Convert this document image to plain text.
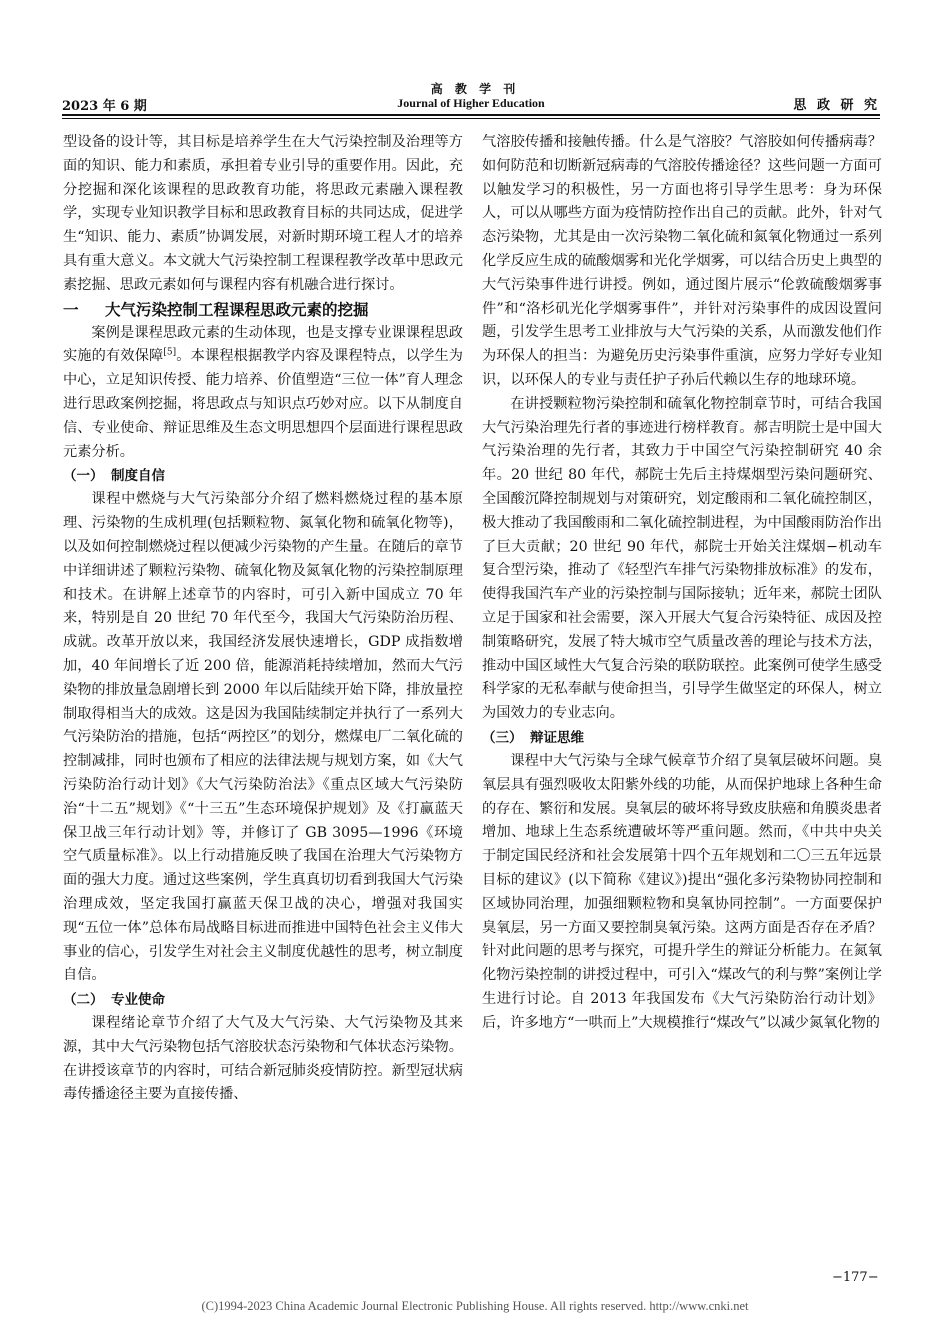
高 教 学 刊
2023 年 6 期	Journal of Higher Education	思 政 研 究

型设备的设计等，其目标是培养学生在大气污染控制及治理等方面的知识、能力和素质，承担着专业引导的重要作用。因此，充分挖掘和深化该课程的思政教育功能，将思政元素融入课程教学，实现专业知识教学目标和思政教育目标的共同达成，促进学生“知识、能力、素质”协调发展，对新时期环境工程人才的培养具有重大意义。本文就大气污染控制工程课程教学改革中思政元素挖掘、思政元素如何与课程内容有机融合进行探讨。

一 大气污染控制工程课程思政元素的挖掘

案例是课程思政元素的生动体现，也是支撑专业课课程思政实施的有效保障[5]。本课程根据教学内容及课程特点，以学生为中心，立足知识传授、能力培养、价值塑造“三位一体”育人理念进行思政案例挖掘，将思政点与知识点巧妙对应。以下从制度自信、专业使命、辩证思维及生态文明思想四个层面进行课程思政元素分析。

（一） 制度自信

课程中燃烧与大气污染部分介绍了燃料燃烧过程的基本原理、污染物的生成机理(包括颗粒物、氮氧化物和硫氧化物等)，以及如何控制燃烧过程以便减少污染物的产生量。在随后的章节中详细讲述了颗粒污染物、硫氧化物及氮氧化物的污染控制原理和技术。在讲解上述章节的内容时，可引入新中国成立 70 年来，特别是自 20 世纪 70 年代至今，我国大气污染防治历程、成就。改革开放以来，我国经济发展快速增长，GDP 成指数增加，40 年间增长了近 200 倍，能源消耗持续增加，然而大气污染物的排放量急剧增长到 2000 年以后陆续开始下降，排放量控制取得相当大的成效。这是因为我国陆续制定并执行了一系列大气污染防治的措施，包括“两控区”的划分，燃煤电厂二氧化硫的控制减排，同时也颁布了相应的法律法规与规划方案，如《大气污染防治行动计划》《大气污染防治法》《重点区域大气污染防治“十二五”规划》《“十三五”生态环境保护规划》及《打赢蓝天保卫战三年行动计划》等，并修订了 GB 3095—1996《环境空气质量标准》。以上行动措施反映了我国在治理大气污染物方面的强大力度。通过这些案例，学生真真切切看到我国大气污染治理成效，坚定我国打赢蓝天保卫战的决心，增强对我国实现“五位一体”总体布局战略目标进而推进中国特色社会主义伟大事业的信心，引发学生对社会主义制度优越性的思考，树立制度自信。

（二） 专业使命

课程绪论章节介绍了大气及大气污染、大气污染物及其来源，其中大气污染物包括气溶胶状态污染物和气体状态污染物。在讲授该章节的内容时，可结合新冠肺炎疫情防控。新型冠状病毒传播途径主要为直接传播、

气溶胶传播和接触传播。什么是气溶胶？气溶胶如何传播病毒？如何防范和切断新冠病毒的气溶胶传播途径？这些问题一方面可以触发学习的积极性，另一方面也将引导学生思考：身为环保人，可以从哪些方面为疫情防控作出自己的贡献。此外，针对气态污染物，尤其是由一次污染物二氧化硫和氮氧化物通过一系列化学反应生成的硫酸烟雾和光化学烟雾，可以结合历史上典型的大气污染事件进行讲授。例如，通过图片展示“伦敦硫酸烟雾事件”和“洛杉矶光化学烟雾事件”，并针对污染事件的成因设置问题，引发学生思考工业排放与大气污染的关系，从而激发他们作为环保人的担当：为避免历史污染事件重演，应努力学好专业知识，以环保人的专业与责任护子孙后代赖以生存的地球环境。

在讲授颗粒物污染控制和硫氧化物控制章节时，可结合我国大气污染治理先行者的事迹进行榜样教育。郝吉明院士是中国大气污染治理的先行者，其致力于中国空气污染控制研究 40 余年。20 世纪 80 年代，郝院士先后主持煤烟型污染问题研究、全国酸沉降控制规划与对策研究，划定酸雨和二氧化硫控制区，极大推动了我国酸雨和二氧化硫控制进程，为中国酸雨防治作出了巨大贡献；20 世纪 90 年代，郝院士开始关注煤烟−机动车复合型污染，推动了《轻型汽车排气污染物排放标准》的发布，使得我国汽车产业的污染控制与国际接轨；近年来，郝院士团队立足于国家和社会需要，深入开展大气复合污染特征、成因及控制策略研究，发展了特大城市空气质量改善的理论与技术方法，推动中国区域性大气复合污染的联防联控。此案例可使学生感受科学家的无私奉献与使命担当，引导学生做坚定的环保人，树立为国效力的专业志向。

（三） 辩证思维

课程中大气污染与全球气候章节介绍了臭氧层破坏问题。臭氧层具有强烈吸收太阳紫外线的功能，从而保护地球上各种生命的存在、繁衍和发展。臭氧层的破坏将导致皮肤癌和角膜炎患者增加、地球上生态系统遭破坏等严重问题。然而，《中共中央关于制定国民经济和社会发展第十四个五年规划和二〇三五年远景目标的建议》(以下简称《建议》)提出“强化多污染物协同控制和区域协同治理，加强细颗粒物和臭氧协同控制”。一方面要保护臭氧层，另一方面又要控制臭氧污染。这两方面是否存在矛盾？针对此问题的思考与探究，可提升学生的辩证分析能力。在氮氧化物污染控制的讲授过程中，可引入“煤改气的利与弊”案例让学生进行讨论。自 2013 年我国发布《大气污染防治行动计划》后，许多地方“一哄而上”大规模推行“煤改气”以减少氮氧化物的

−177−
(C)1994-2023 China Academic Journal Electronic Publishing House. All rights reserved. http://www.cnki.net
